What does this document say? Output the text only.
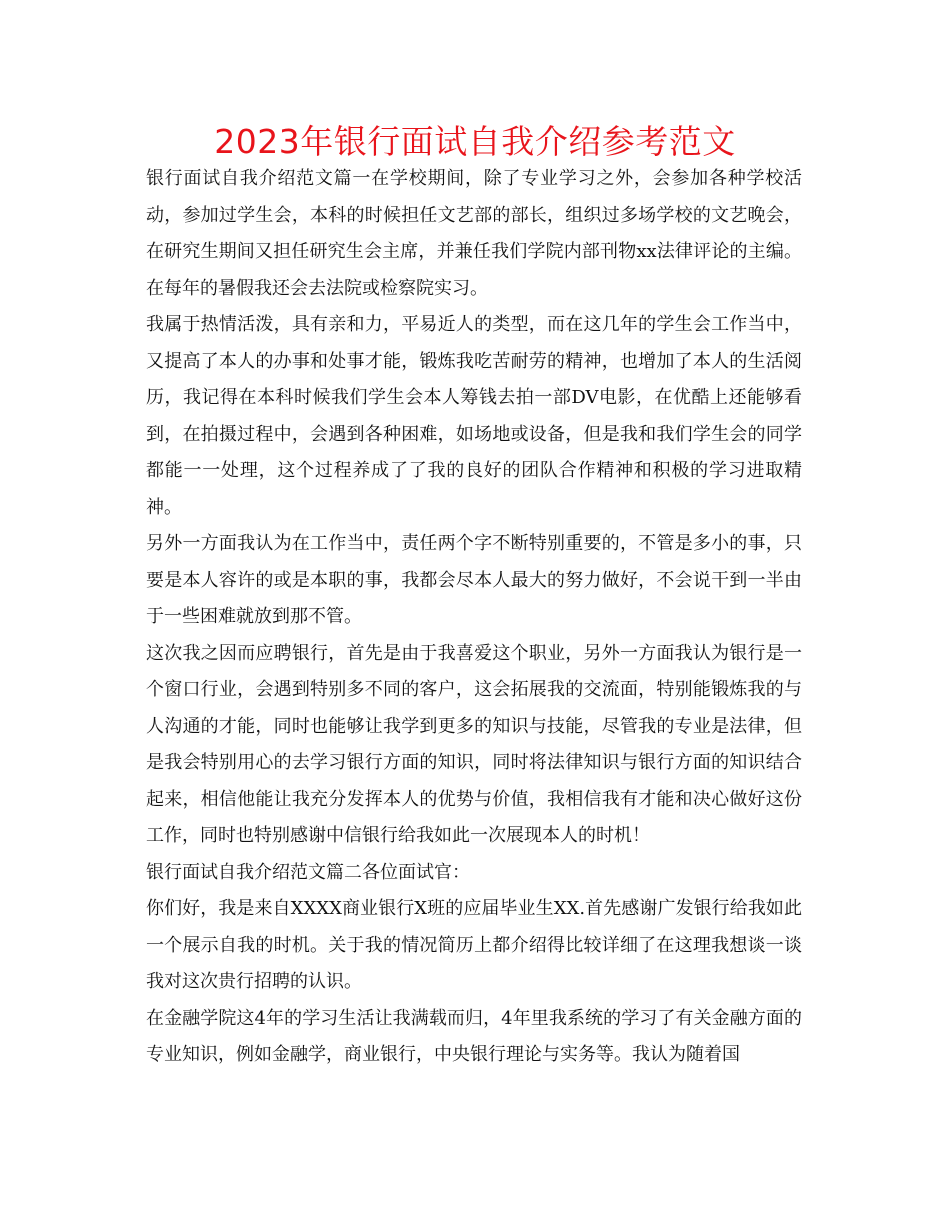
2023年银行面试自我介绍参考范文

银行面试自我介绍范文篇一在学校期间，除了专业学习之外，会参加各种学校活动，参加过学生会，本科的时候担任文艺部的部长，组织过多场学校的文艺晚会，在研究生期间又担任研究生会主席，并兼任我们学院内部刊物xx法律评论的主编。在每年的暑假我还会去法院或检察院实习。

我属于热情活泼，具有亲和力，平易近人的类型，而在这几年的学生会工作当中，又提高了本人的办事和处事才能，锻炼我吃苦耐劳的精神，也增加了本人的生活阅历，我记得在本科时候我们学生会本人筹钱去拍一部DV电影，在优酷上还能够看到，在拍摄过程中，会遇到各种困难，如场地或设备，但是我和我们学生会的同学都能一一处理，这个过程养成了了我的良好的团队合作精神和积极的学习进取精神。

另外一方面我认为在工作当中，责任两个字不断特别重要的，不管是多小的事，只要是本人容许的或是本职的事，我都会尽本人最大的努力做好，不会说干到一半由于一些困难就放到那不管。

这次我之因而应聘银行，首先是由于我喜爱这个职业，另外一方面我认为银行是一个窗口行业，会遇到特别多不同的客户，这会拓展我的交流面，特别能锻炼我的与人沟通的才能，同时也能够让我学到更多的知识与技能，尽管我的专业是法律，但是我会特别用心的去学习银行方面的知识，同时将法律知识与银行方面的知识结合起来，相信他能让我充分发挥本人的优势与价值，我相信我有才能和决心做好这份工作，同时也特别感谢中信银行给我如此一次展现本人的时机！

银行面试自我介绍范文篇二各位面试官：

你们好，我是来自XXXX商业银行X班的应届毕业生XX.首先感谢广发银行给我如此一个展示自我的时机。关于我的情况简历上都介绍得比较详细了在这理我想谈一谈我对这次贵行招聘的认识。

在金融学院这4年的学习生活让我满载而归，4年里我系统的学习了有关金融方面的专业知识，例如金融学，商业银行，中央银行理论与实务等。我认为随着国
